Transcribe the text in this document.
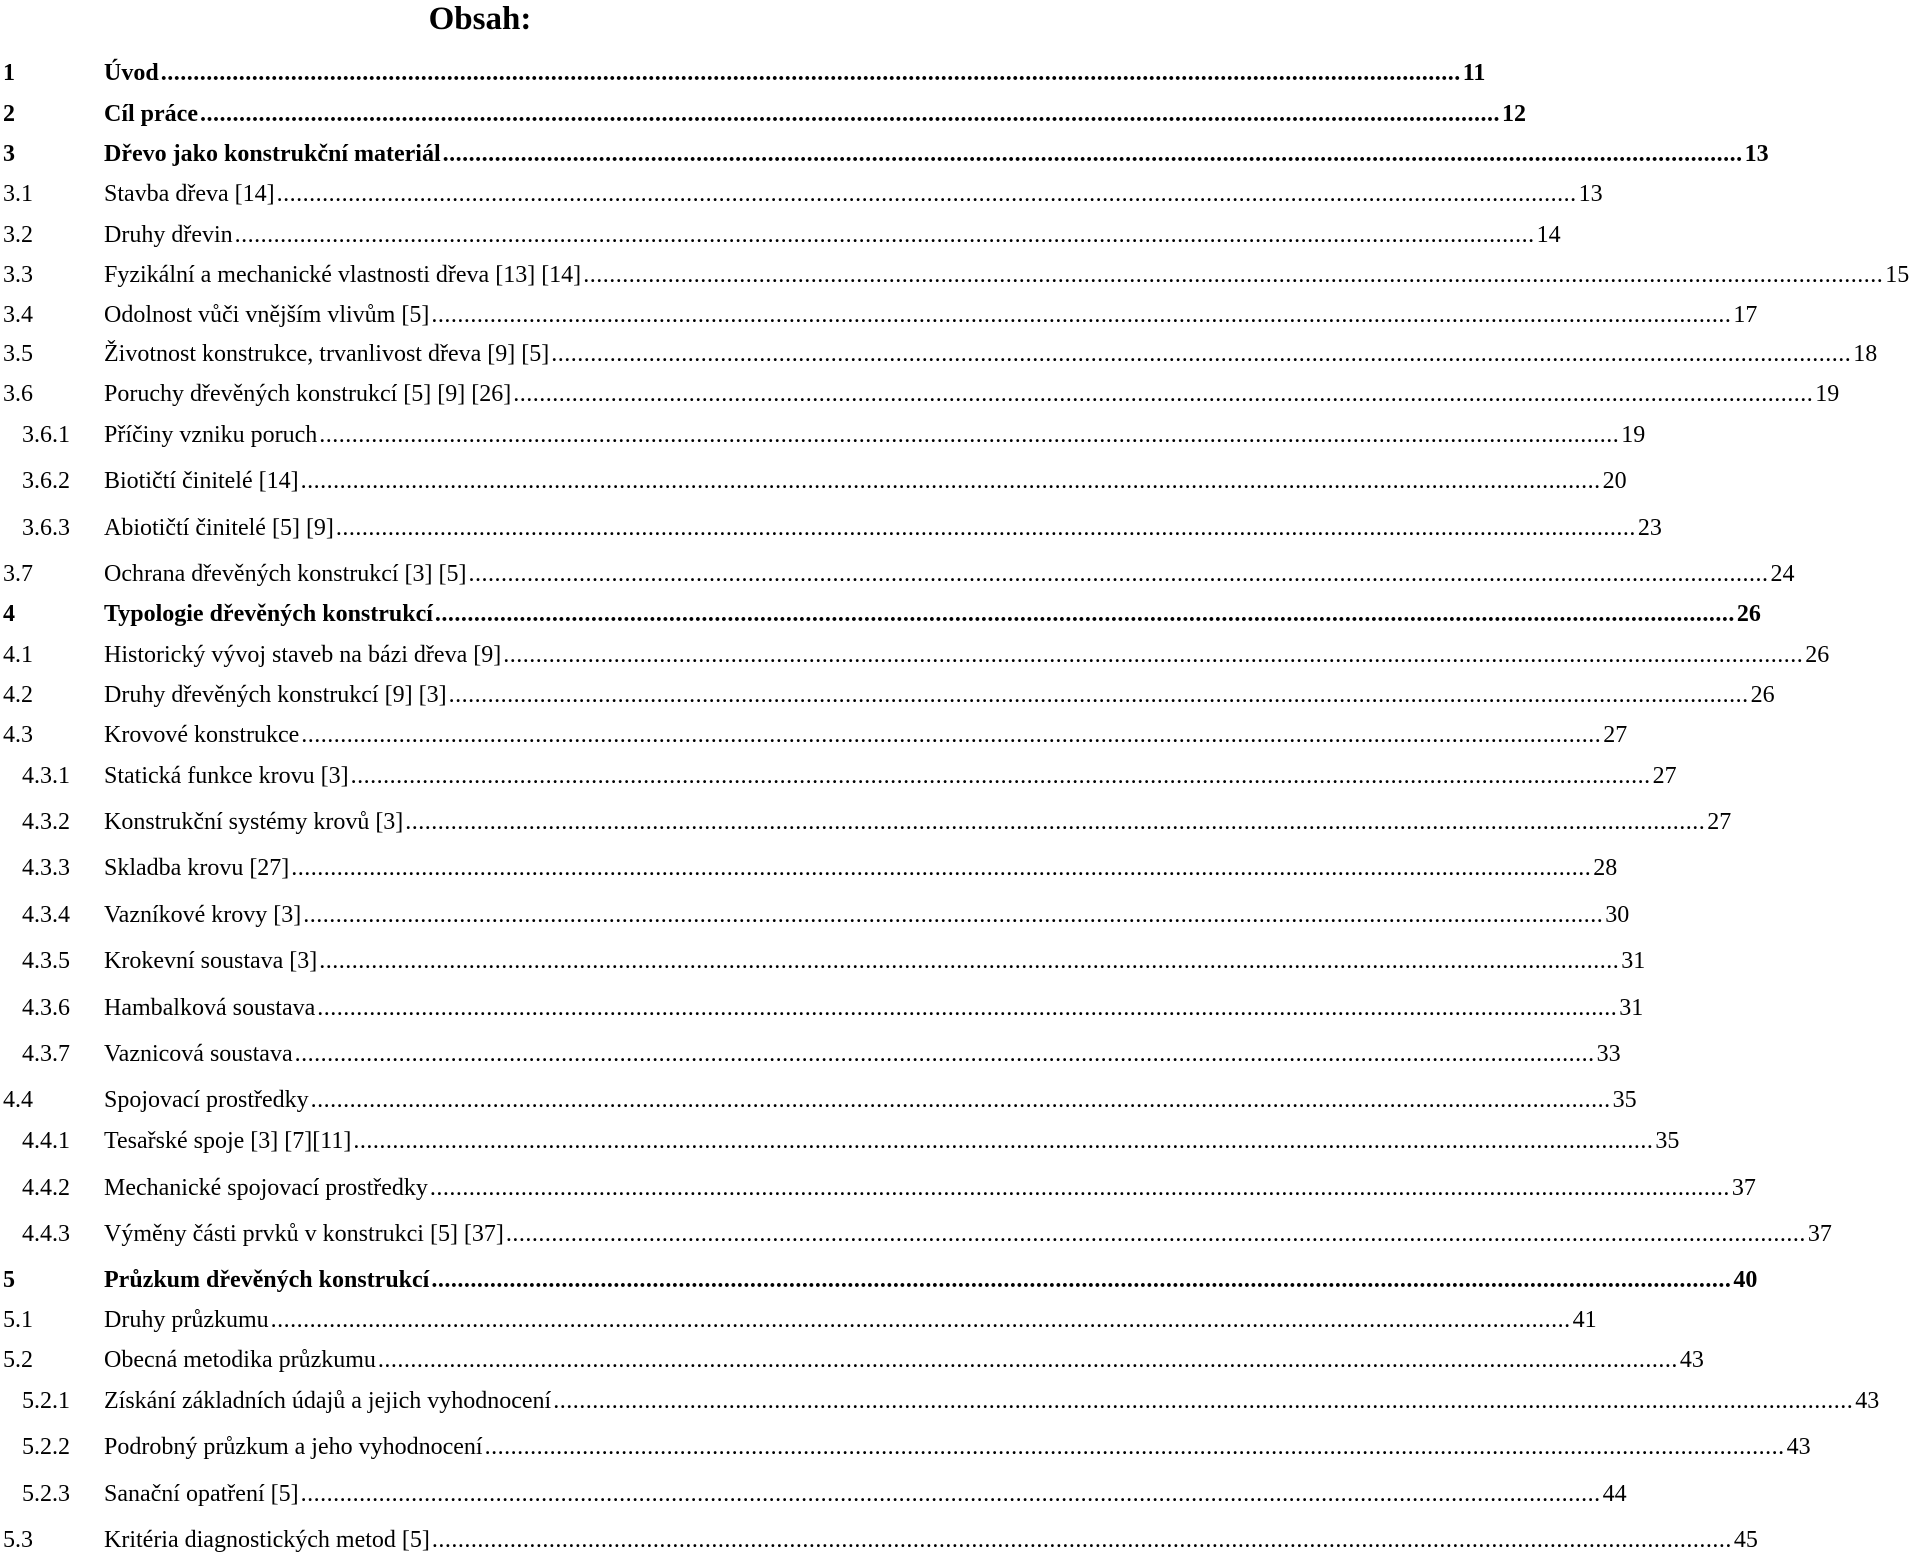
Obsah:
1	Úvod ........................................................................................................................................................................................................ 11
2	Cíl práce ........................................................................................................................................................................................................ 12
3	Dřevo jako konstrukční materiál ........................................................................................................................................................................................................ 13
3.1	Stavba dřeva [14] ........................................................................................................................................................................................................ 13
3.2	Druhy dřevin ........................................................................................................................................................................................................ 14
3.3	Fyzikální a mechanické vlastnosti dřeva [13] [14] ........................................................................................................................................................................................................ 15
3.4	Odolnost vůči vnějším vlivům [5] ........................................................................................................................................................................................................ 17
3.5	Životnost konstrukce, trvanlivost dřeva [9] [5] ........................................................................................................................................................................................................ 18
3.6	Poruchy dřevěných konstrukcí [5] [9] [26] ........................................................................................................................................................................................................ 19
3.6.1 Příčiny vzniku poruch ........................................................................................................................................................................................................ 19
3.6.2 Biotičtí činitelé [14] ........................................................................................................................................................................................................ 20
3.6.3 Abiotičtí činitelé [5] [9] ........................................................................................................................................................................................................ 23
3.7	Ochrana dřevěných konstrukcí [3] [5] ........................................................................................................................................................................................................ 24
4	Typologie dřevěných konstrukcí ........................................................................................................................................................................................................ 26
4.1	Historický vývoj staveb na bázi dřeva [9] ........................................................................................................................................................................................................ 26
4.2	Druhy dřevěných konstrukcí [9] [3] ........................................................................................................................................................................................................ 26
4.3	Krovové konstrukce ........................................................................................................................................................................................................ 27
4.3.1 Statická funkce krovu [3] ........................................................................................................................................................................................................ 27
4.3.2 Konstrukční systémy krovů [3] ........................................................................................................................................................................................................ 27
4.3.3 Skladba krovu [27] ........................................................................................................................................................................................................ 28
4.3.4 Vazníkové krovy [3] ........................................................................................................................................................................................................ 30
4.3.5 Krokevní soustava [3] ........................................................................................................................................................................................................ 31
4.3.6 Hambalková soustava ........................................................................................................................................................................................................ 31
4.3.7 Vaznicová soustava ........................................................................................................................................................................................................ 33
4.4	Spojovací prostředky ........................................................................................................................................................................................................ 35
4.4.1 Tesařské spoje [3] [7][11] ........................................................................................................................................................................................................ 35
4.4.2 Mechanické spojovací prostředky ........................................................................................................................................................................................................ 37
4.4.3 Výměny části prvků v konstrukci [5] [37] ........................................................................................................................................................................................................ 37
5	Průzkum dřevěných konstrukcí ........................................................................................................................................................................................................ 40
5.1	Druhy průzkumu ........................................................................................................................................................................................................ 41
5.2	Obecná metodika průzkumu ........................................................................................................................................................................................................ 43
5.2.1 Získání základních údajů a jejich vyhodnocení ........................................................................................................................................................................................................ 43
5.2.2 Podrobný průzkum a jeho vyhodnocení ........................................................................................................................................................................................................ 43
5.2.3 Sanační opatření [5] ........................................................................................................................................................................................................ 44
5.3	Kritéria diagnostických metod [5] ........................................................................................................................................................................................................ 45
